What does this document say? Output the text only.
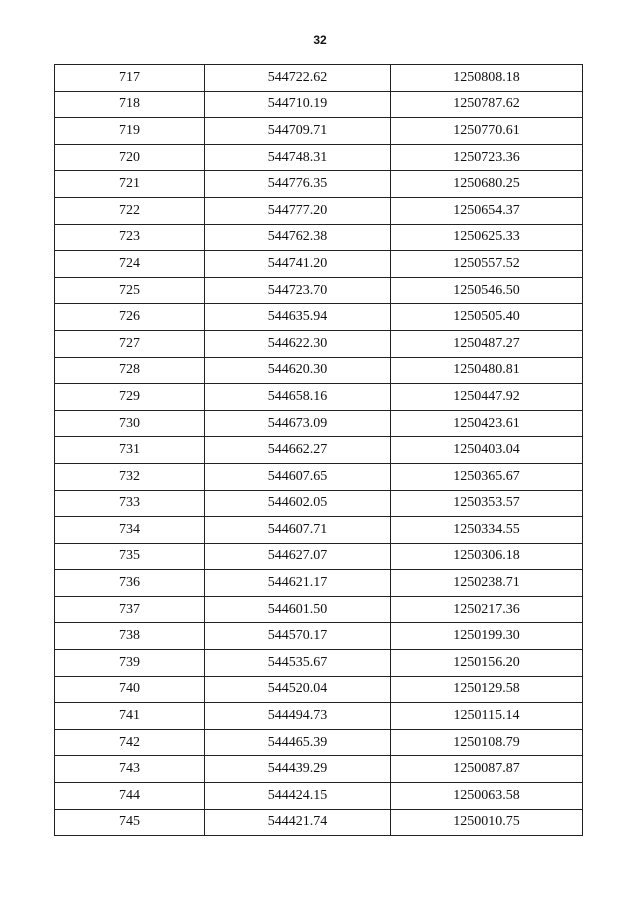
32
717	544722.62	1250808.18
718	544710.19	1250787.62
719	544709.71	1250770.61
720	544748.31	1250723.36
721	544776.35	1250680.25
722	544777.20	1250654.37
723	544762.38	1250625.33
724	544741.20	1250557.52
725	544723.70	1250546.50
726	544635.94	1250505.40
727	544622.30	1250487.27
728	544620.30	1250480.81
729	544658.16	1250447.92
730	544673.09	1250423.61
731	544662.27	1250403.04
732	544607.65	1250365.67
733	544602.05	1250353.57
734	544607.71	1250334.55
735	544627.07	1250306.18
736	544621.17	1250238.71
737	544601.50	1250217.36
738	544570.17	1250199.30
739	544535.67	1250156.20
740	544520.04	1250129.58
741	544494.73	1250115.14
742	544465.39	1250108.79
743	544439.29	1250087.87
744	544424.15	1250063.58
745	544421.74	1250010.75
